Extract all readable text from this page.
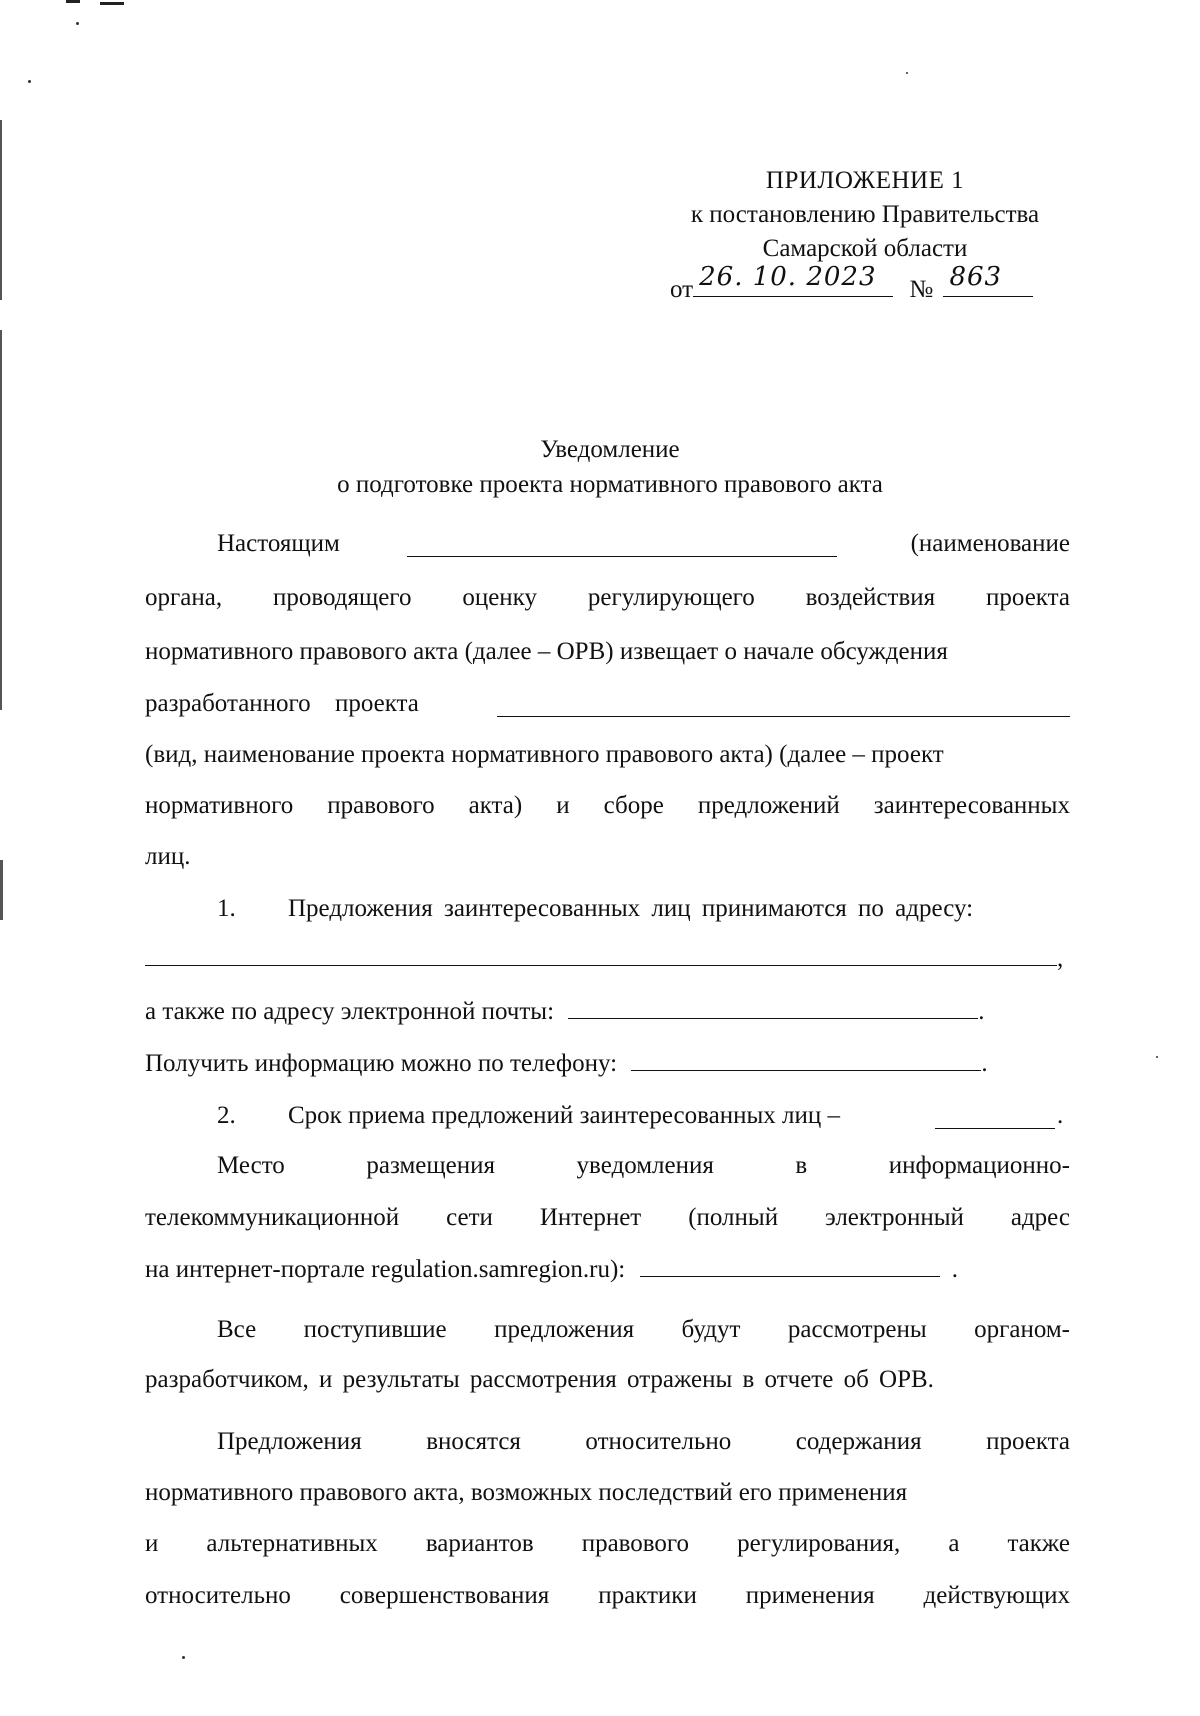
ПРИЛОЖЕНИЕ 1
к постановлению Правительства
Самарской области
от 26. 10. 2023 № 863
Уведомление
о подготовке проекта нормативного правового акта
Настоящим	(наименование
органа, проводящего оценку регулирующего воздействия проекта
нормативного правового акта (далее – ОРВ) извещает о начале обсуждения
разработанного проекта
(вид, наименование проекта нормативного правового акта) (далее – проект
нормативного правового акта) и сборе предложений заинтересованных
лиц.
1. Предложения заинтересованных лиц принимаются по адресу:
,
а также по адресу электронной почты:	.
Получить информацию можно по телефону:	.
2. Срок приема предложений заинтересованных лиц –	.
Место	размещения	уведомления	в	информационно-
телекоммуникационной сети Интернет (полный электронный адрес
на интернет-портале regulation.samregion.ru):	.
Все поступившие предложения будут рассмотрены органом-
разработчиком, и результаты рассмотрения отражены в отчете об ОРВ.
Предложения	вносятся	относительно	содержания	проекта
нормативного правового акта, возможных последствий его применения
и альтернативных вариантов правового регулирования, а также
относительно совершенствования практики применения действующих
